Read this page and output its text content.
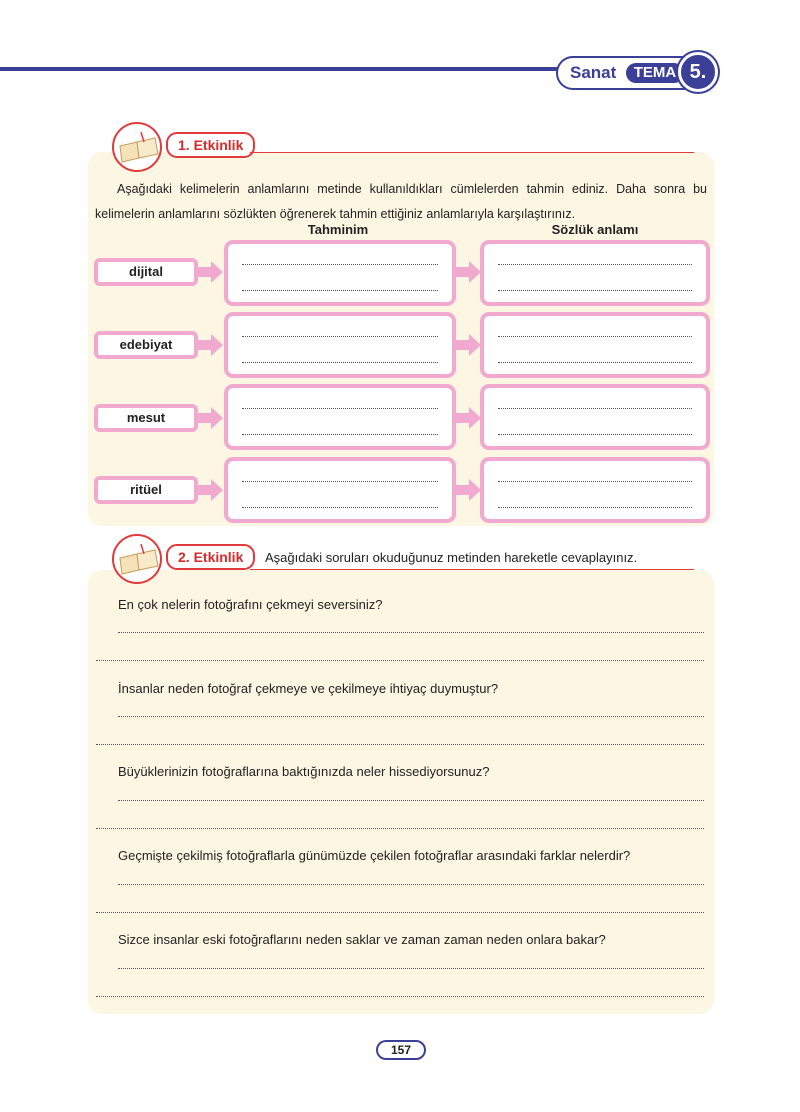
Sanat	TEMA 5.
1. Etkinlik
Aşağıdaki kelimelerin anlamlarını metinde kullanıldıkları cümlelerden tahmin ediniz. Daha sonra bu kelimelerin anlamlarını sözlükten öğrenerek tahmin ettiğiniz anlamlarıyla karşılaştırınız.
Tahminim	Sözlük anlamı
dijital
edebiyat
mesut
ritüel
2. Etkinlik	Aşağıdaki soruları okuduğunuz metinden hareketle cevaplayınız.
En çok nelerin fotoğrafını çekmeyi seversiniz?
İnsanlar neden fotoğraf çekmeye ve çekilmeye ihtiyaç duymuştur?
Büyüklerinizin fotoğraflarına baktığınızda neler hissediyorsunuz?
Geçmişte çekilmiş fotoğraflarla günümüzde çekilen fotoğraflar arasındaki farklar nelerdir?
Sizce insanlar eski fotoğraflarını neden saklar ve zaman zaman neden onlara bakar?
157
